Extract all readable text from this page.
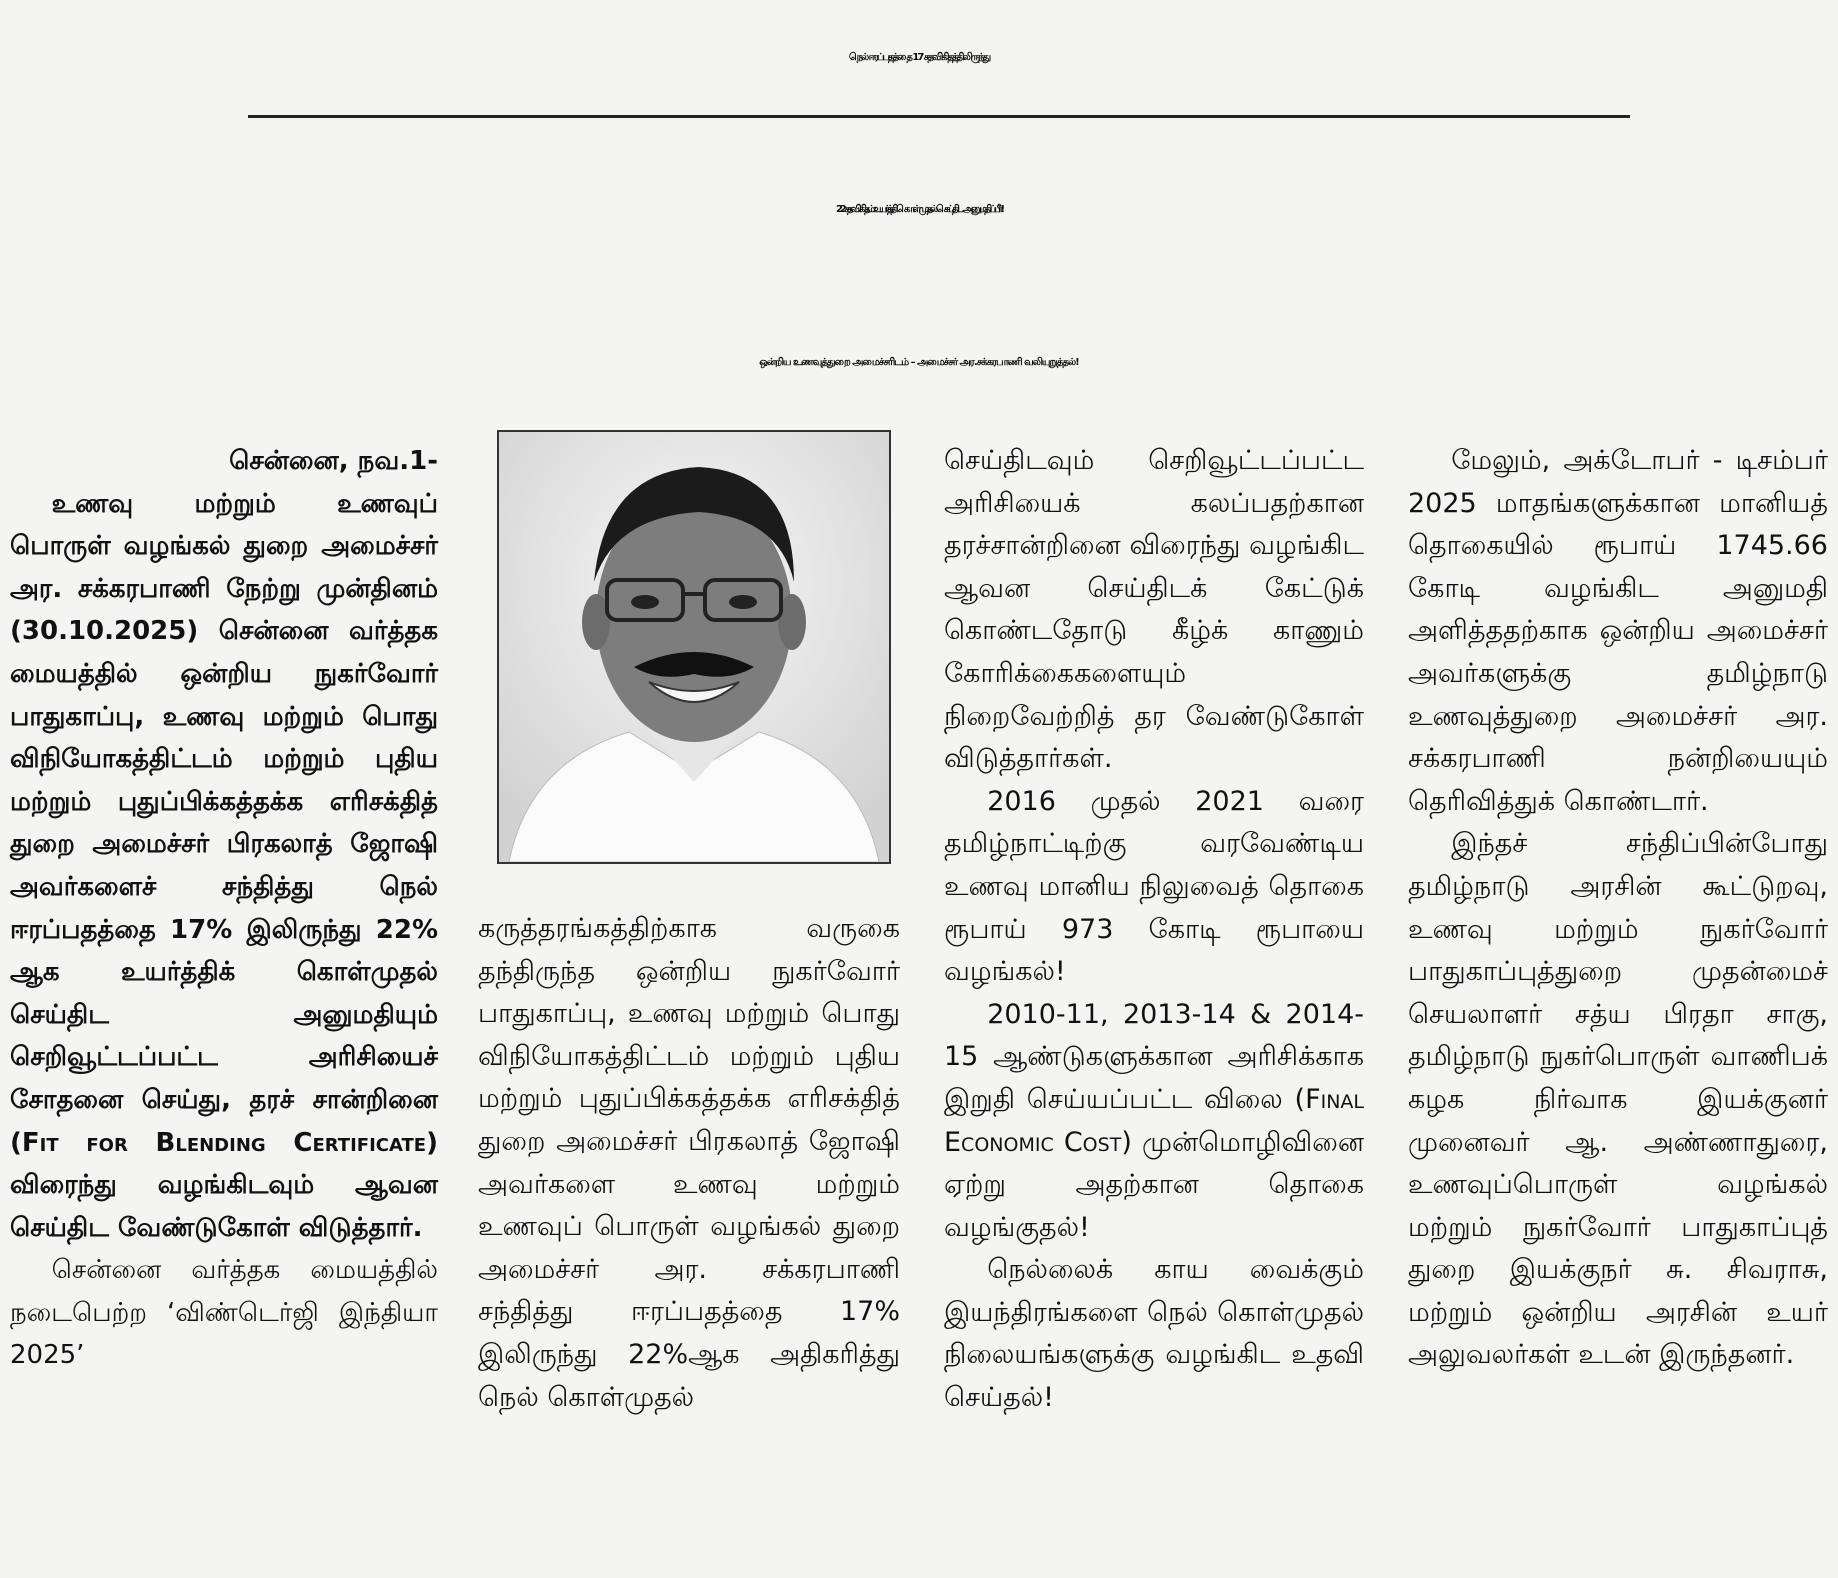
நெல் ஈரப்பதத்தை 17 சதவிகிதத்திலிருந்து
22 சதவிகிதம் உயர்த்தி கொள்முதல் செய்திட அனுமதிப்பீர்!
ஒன்றிய உணவுத்துறை அமைச்சரிடம் – அமைச்சர் அர.சக்கரபாணி வலியுறுத்தல்!

சென்னை, நவ.1-

உணவு மற்றும் உணவுப் பொருள் வழங்கல் துறை அமைச்சர் அர. சக்கரபாணி நேற்று முன்தினம் (30.10.2025) சென்னை வர்த்தக மையத்தில் ஒன்றிய நுகர்வோர் பாதுகாப்பு, உணவு மற்றும் பொது விநியோகத்திட்டம் மற்றும் புதிய மற்றும் புதுப்பிக்கத்தக்க எரிசக்தித் துறை அமைச்சர் பிரகலாத் ஜோஷி அவர்களைச் சந்தித்து நெல் ஈரப்பதத்தை 17% இலிருந்து 22% ஆக உயர்த்திக் கொள்முதல் செய்திட அனுமதியும் செறிவூட்டப்பட்ட அரிசியைச் சோதனை செய்து, தரச் சான்றினை (Fit for Blending Certificate) விரைந்து வழங்கிடவும் ஆவன செய்திட வேண்டுகோள் விடுத்தார்.

சென்னை வர்த்தக மையத்தில் நடைபெற்ற ‘விண்டெர்ஜி இந்தியா 2025’

கருத்தரங்கத்திற்காக வருகை தந்திருந்த ஒன்றிய நுகர்வோர் பாதுகாப்பு, உணவு மற்றும் பொது விநியோகத்திட்டம் மற்றும் புதிய மற்றும் புதுப்பிக்கத்தக்க எரிசக்தித் துறை அமைச்சர் பிரகலாத் ஜோஷி அவர்களை உணவு மற்றும் உணவுப் பொருள் வழங்கல் துறை அமைச்சர் அர. சக்கரபாணி சந்தித்து ஈரப்பதத்தை 17% இலிருந்து 22%ஆக அதிகரித்து நெல் கொள்முதல்

செய்திடவும் செறிவூட்டப்பட்ட அரிசியைக் கலப்பதற்கான தரச்சான்றினை விரைந்து வழங்கிட ஆவன செய்திடக் கேட்டுக் கொண்டதோடு கீழ்க் காணும் கோரிக்கைகளையும் நிறைவேற்றித் தர வேண்டுகோள் விடுத்தார்கள்.

2016 முதல் 2021 வரை தமிழ்நாட்டிற்கு வரவேண்டிய உணவு மானிய நிலுவைத் தொகை ரூபாய் 973 கோடி ரூபாயை வழங்கல்!

2010-11, 2013-14 & 2014-15 ஆண்டுகளுக்கான அரிசிக்காக இறுதி செய்யப்பட்ட விலை (Final Economic Cost) முன்மொழிவினை ஏற்று அதற்கான தொகை வழங்குதல்!

நெல்லைக் காய வைக்கும் இயந்திரங்களை நெல் கொள்முதல் நிலையங்களுக்கு வழங்கிட உதவி செய்தல்!

மேலும், அக்டோபர் - டிசம்பர் 2025 மாதங்களுக்கான மானியத் தொகையில் ரூபாய் 1745.66 கோடி வழங்கிட அனுமதி அளித்ததற்காக ஒன்றிய அமைச்சர் அவர்களுக்கு தமிழ்நாடு உணவுத்துறை அமைச்சர் அர. சக்கரபாணி நன்றியையும் தெரிவித்துக் கொண்டார்.

இந்தச் சந்திப்பின்போது தமிழ்நாடு அரசின் கூட்டுறவு, உணவு மற்றும் நுகர்வோர் பாதுகாப்புத்துறை முதன்மைச் செயலாளர் சத்ய பிரதா சாகு, தமிழ்நாடு நுகர்பொருள் வாணிபக் கழக நிர்வாக இயக்குனர் முனைவர் ஆ. அண்ணாதுரை, உணவுப்பொருள் வழங்கல் மற்றும் நுகர்வோர் பாதுகாப்புத் துறை இயக்குநர் சு. சிவராசு, மற்றும் ஒன்றிய அரசின் உயர் அலுவலர்கள் உடன் இருந்தனர்.
